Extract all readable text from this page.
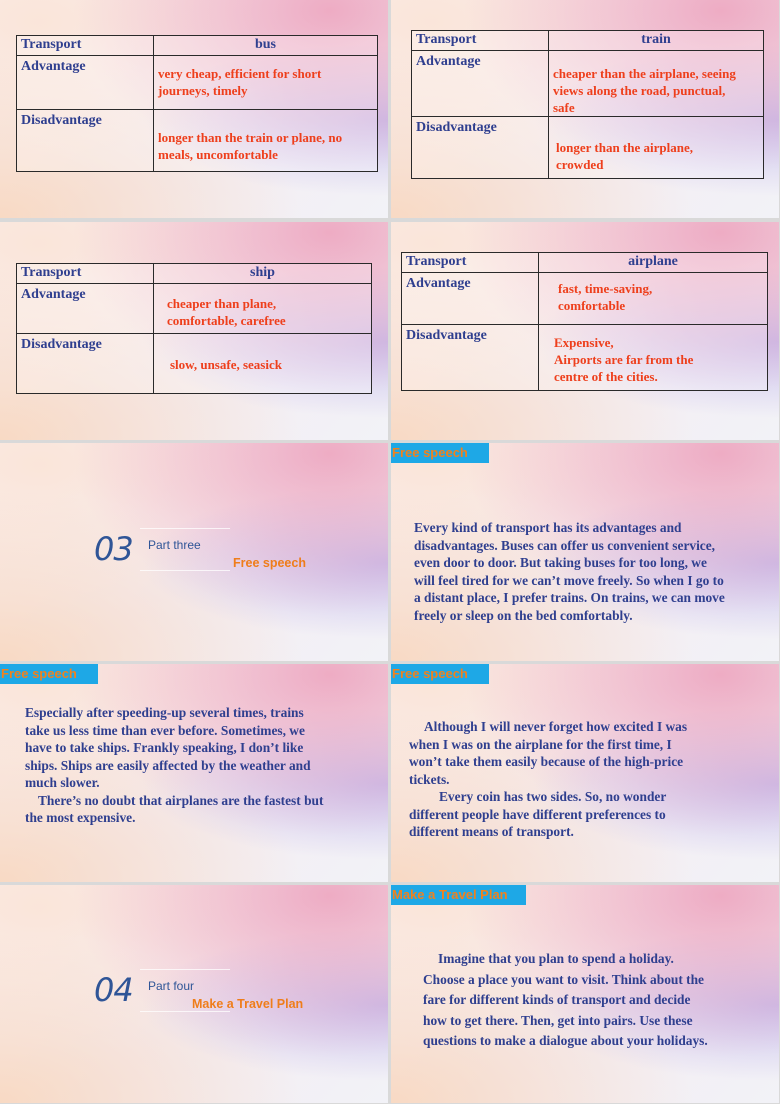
Transport	bus
Advantage	very cheap, efficient for short
journeys, timely

Disadvantage	longer than the train or plane, no
meals, uncomfortable
Transport	train
Advantage	cheaper than the airplane, seeing
views along the road, punctual,
safe

Disadvantage	longer than the airplane,
crowded
Transport	ship
Advantage	cheaper than plane,
comfortable, carefree

Disadvantage	slow, unsafe, seasick
Transport	airplane
Advantage	fast, time-saving,
comfortable

Disadvantage	Expensive,
Airports are far from the
centre of the cities.
03 Part three
Free speech
Free speech
Every kind of transport has its advantages and
disadvantages. Buses can offer us convenient service,
even door to door. But taking buses for too long, we
will feel tired for we can’t move freely. So when I go to
a distant place, I prefer trains. On trains, we can move
freely or sleep on the bed comfortably.
Free speech
Especially after speeding-up several times, trains
take us less time than ever before. Sometimes, we
have to take ships. Frankly speaking, I don’t like
ships. Ships are easily affected by the weather and
much slower.
There’s no doubt that airplanes are the fastest but
the most expensive.
Free speech
Although I will never forget how excited I was
when I was on the airplane for the first time, I
won’t take them easily because of the high-price
tickets.
Every coin has two sides. So, no wonder
different people have different preferences to
different means of transport.
04 Part four
Make a Travel Plan
Make a Travel Plan
Imagine that you plan to spend a holiday.
Choose a place you want to visit. Think about the
fare for different kinds of transport and decide
how to get there. Then, get into pairs. Use these
questions to make a dialogue about your holidays.
